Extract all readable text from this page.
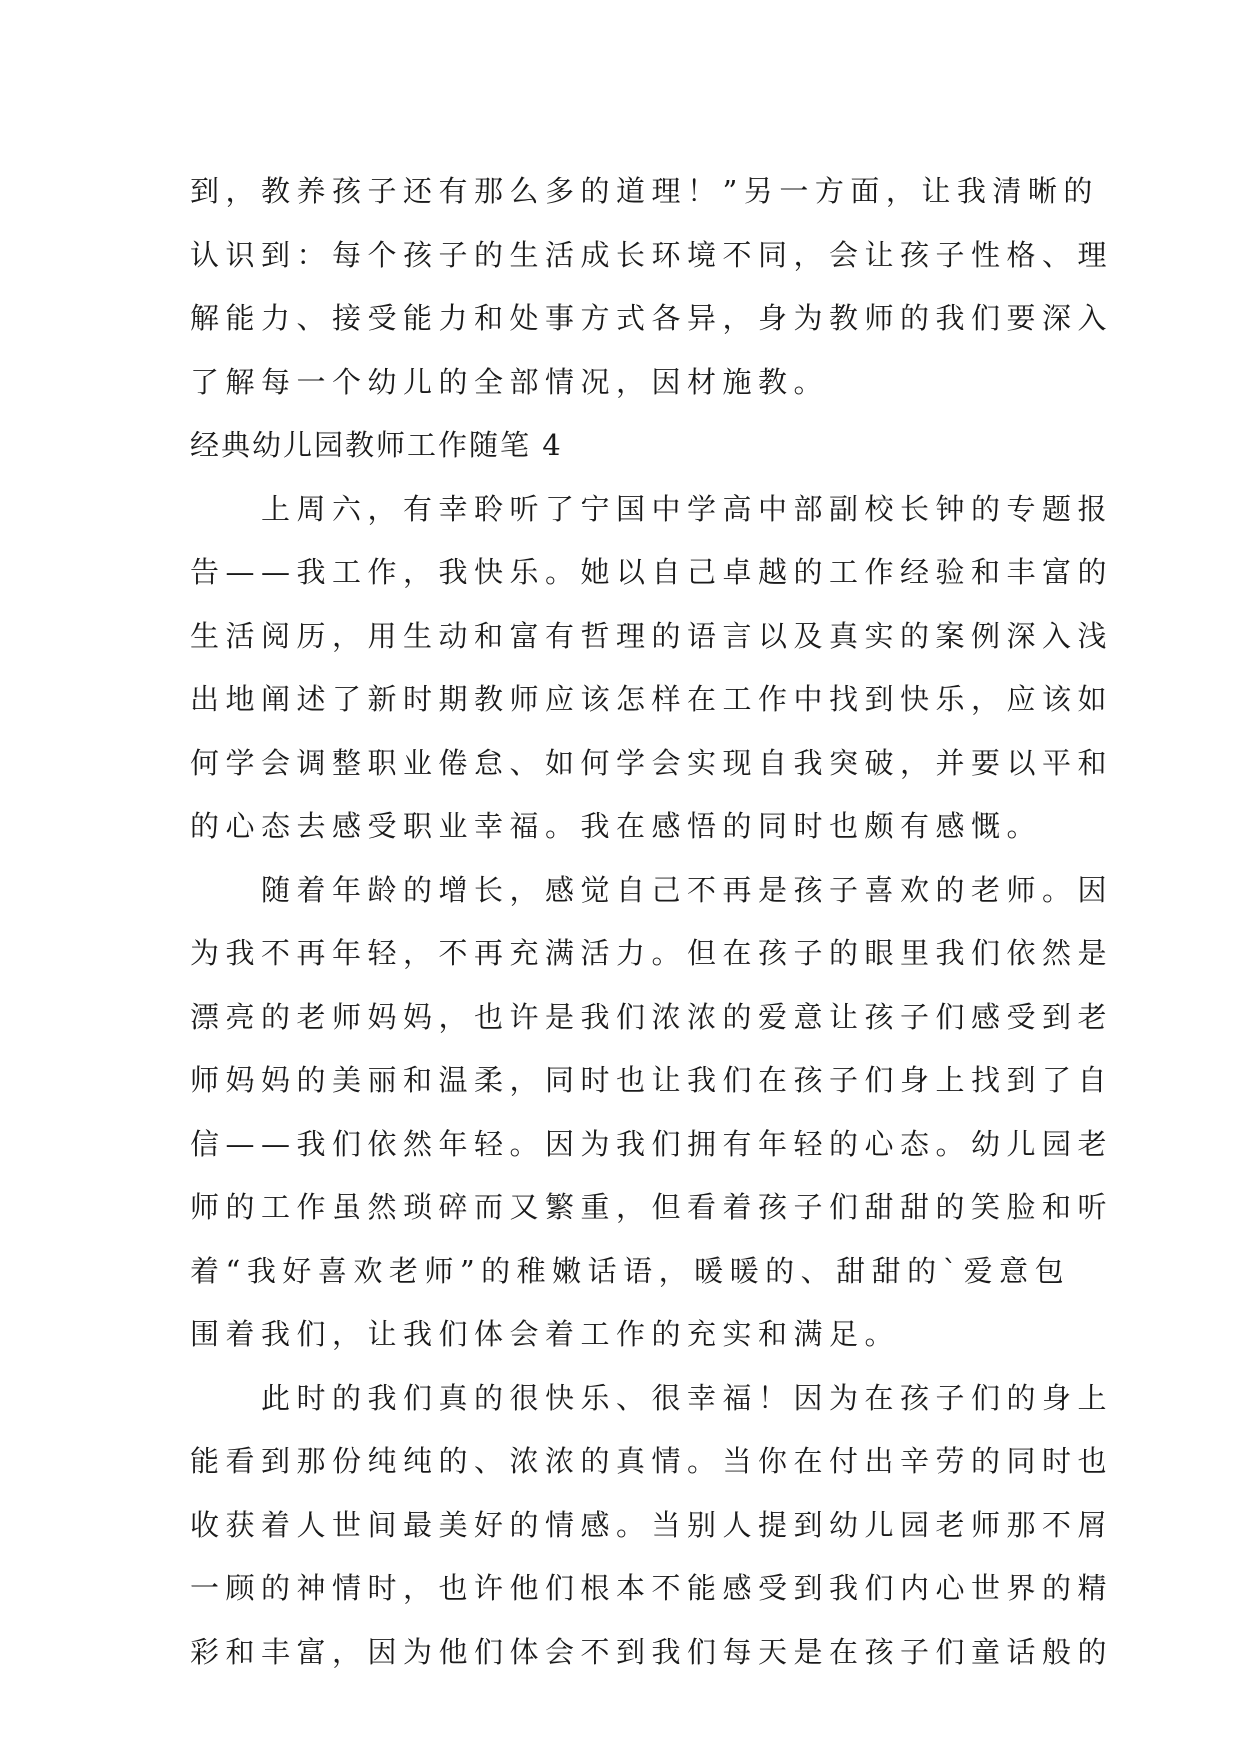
到，教养孩子还有那么多的道理！”另一方面，让我清晰的
认识到：每个孩子的生活成长环境不同，会让孩子性格、理
解能力、接受能力和处事方式各异，身为教师的我们要深入
了解每一个幼儿的全部情况，因材施教。
经典幼儿园教师工作随笔 4
　　上周六，有幸聆听了宁国中学高中部副校长钟的专题报
告——我工作，我快乐。她以自己卓越的工作经验和丰富的
生活阅历，用生动和富有哲理的语言以及真实的案例深入浅
出地阐述了新时期教师应该怎样在工作中找到快乐，应该如
何学会调整职业倦怠、如何学会实现自我突破，并要以平和
的心态去感受职业幸福。我在感悟的同时也颇有感慨。
　　随着年龄的增长，感觉自己不再是孩子喜欢的老师。因
为我不再年轻，不再充满活力。但在孩子的眼里我们依然是
漂亮的老师妈妈，也许是我们浓浓的爱意让孩子们感受到老
师妈妈的美丽和温柔，同时也让我们在孩子们身上找到了自
信——我们依然年轻。因为我们拥有年轻的心态。幼儿园老
师的工作虽然琐碎而又繁重，但看着孩子们甜甜的笑脸和听
着“我好喜欢老师”的稚嫩话语，暖暖的、甜甜的`爱意包
围着我们，让我们体会着工作的充实和满足。
　　此时的我们真的很快乐、很幸福！因为在孩子们的身上
能看到那份纯纯的、浓浓的真情。当你在付出辛劳的同时也
收获着人世间最美好的情感。当别人提到幼儿园老师那不屑
一顾的神情时，也许他们根本不能感受到我们内心世界的精
彩和丰富，因为他们体会不到我们每天是在孩子们童话般的
